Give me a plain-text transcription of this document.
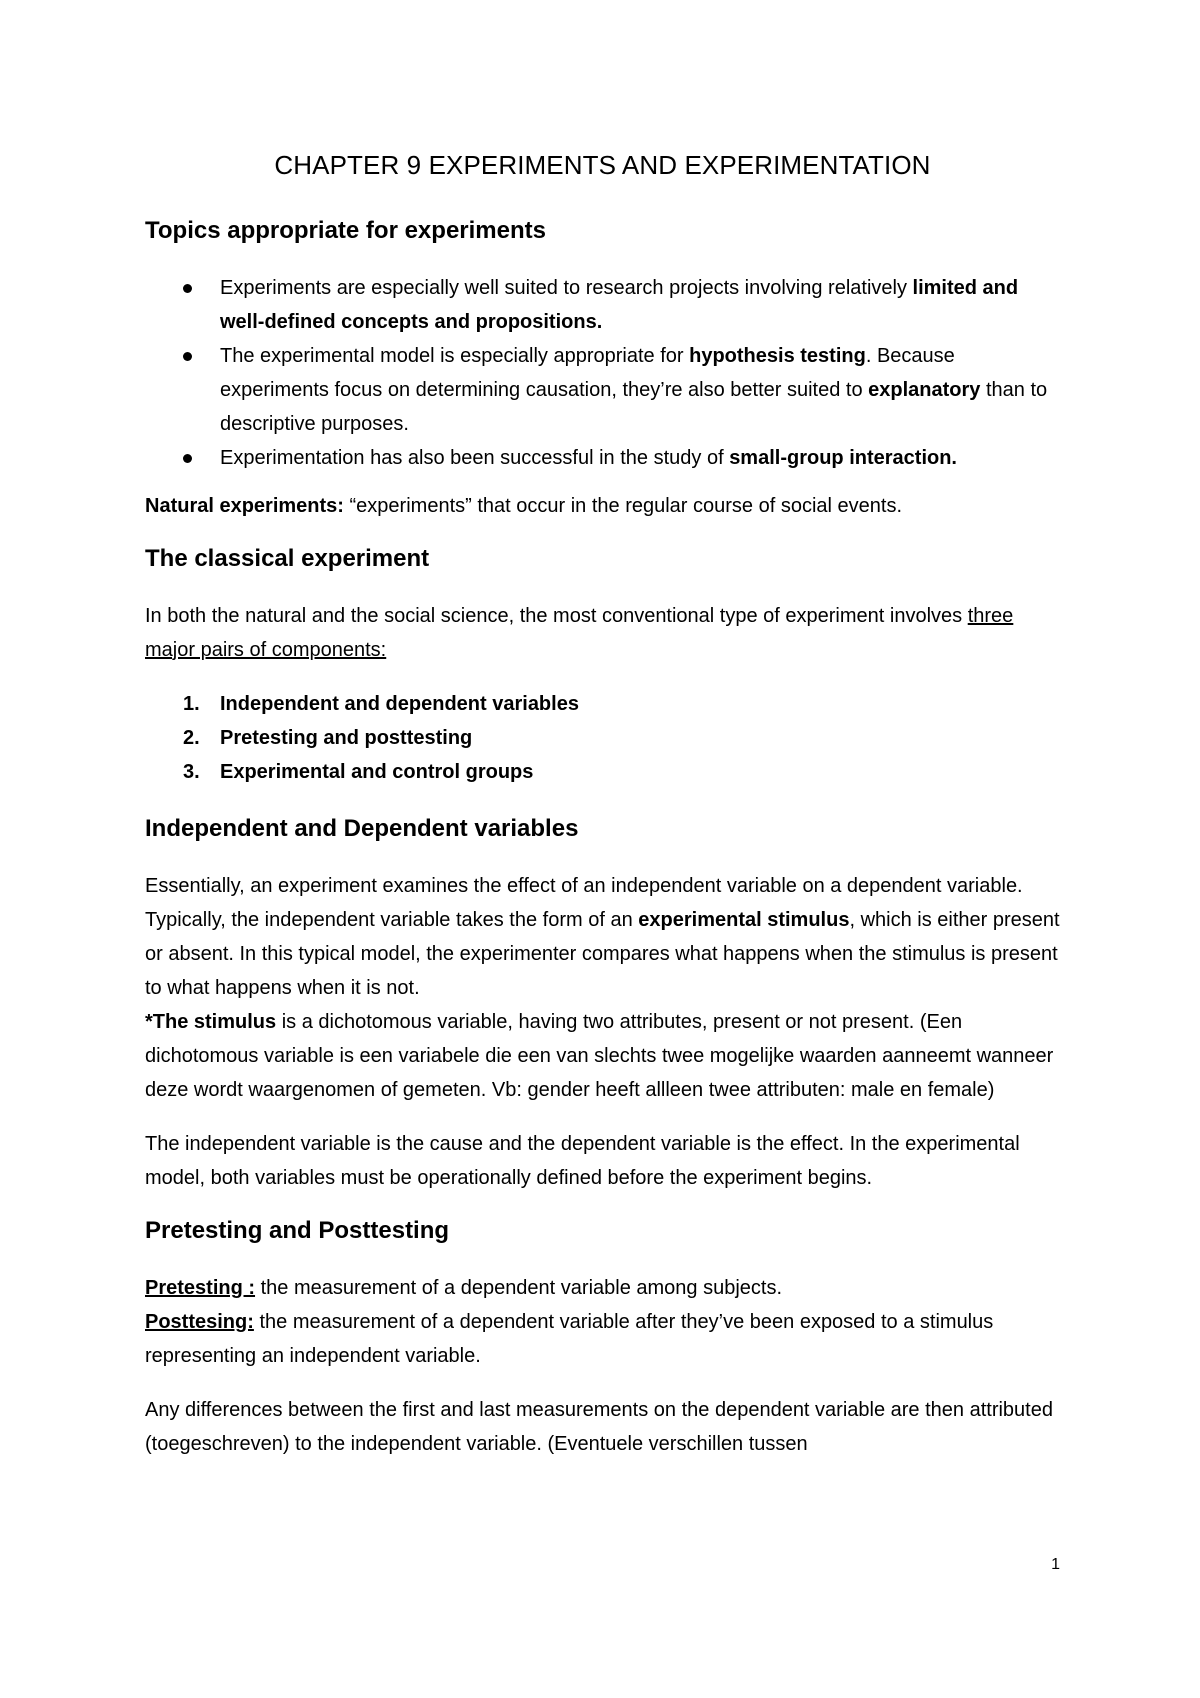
CHAPTER 9 EXPERIMENTS AND EXPERIMENTATION
Topics appropriate for experiments
Experiments are especially well suited to research projects involving relatively limited and well-defined concepts and propositions.
The experimental model is especially appropriate for hypothesis testing. Because experiments focus on determining causation, they’re also better suited to explanatory than to descriptive purposes.
Experimentation has also been successful in the study of small-group interaction.

Natural experiments: “experiments” that occur in the regular course of social events.

The classical experiment

In both the natural and the social science, the most conventional type of experiment involves three major pairs of components:

1. Independent and dependent variables
2. Pretesting and posttesting
3. Experimental and control groups
Independent and Dependent variables

Essentially, an experiment examines the effect of an independent variable on a dependent variable. Typically, the independent variable takes the form of an experimental stimulus, which is either present or absent. In this typical model, the experimenter compares what happens when the stimulus is present to what happens when it is not.

*The stimulus is a dichotomous variable, having two attributes, present or not present. (Een dichotomous variable is een variabele die een van slechts twee mogelijke waarden aanneemt wanneer deze wordt waargenomen of gemeten. Vb: gender heeft allleen twee attributen: male en female)

The independent variable is the cause and the dependent variable is the effect. In the experimental model, both variables must be operationally defined before the experiment begins.

Pretesting and Posttesting

Pretesting : the measurement of a dependent variable among subjects.
Posttesing: the measurement of a dependent variable after they’ve been exposed to a stimulus representing an independent variable.

Any differences between the first and last measurements on the dependent variable are then attributed (toegeschreven) to the independent variable. (Eventuele verschillen tussen

1
